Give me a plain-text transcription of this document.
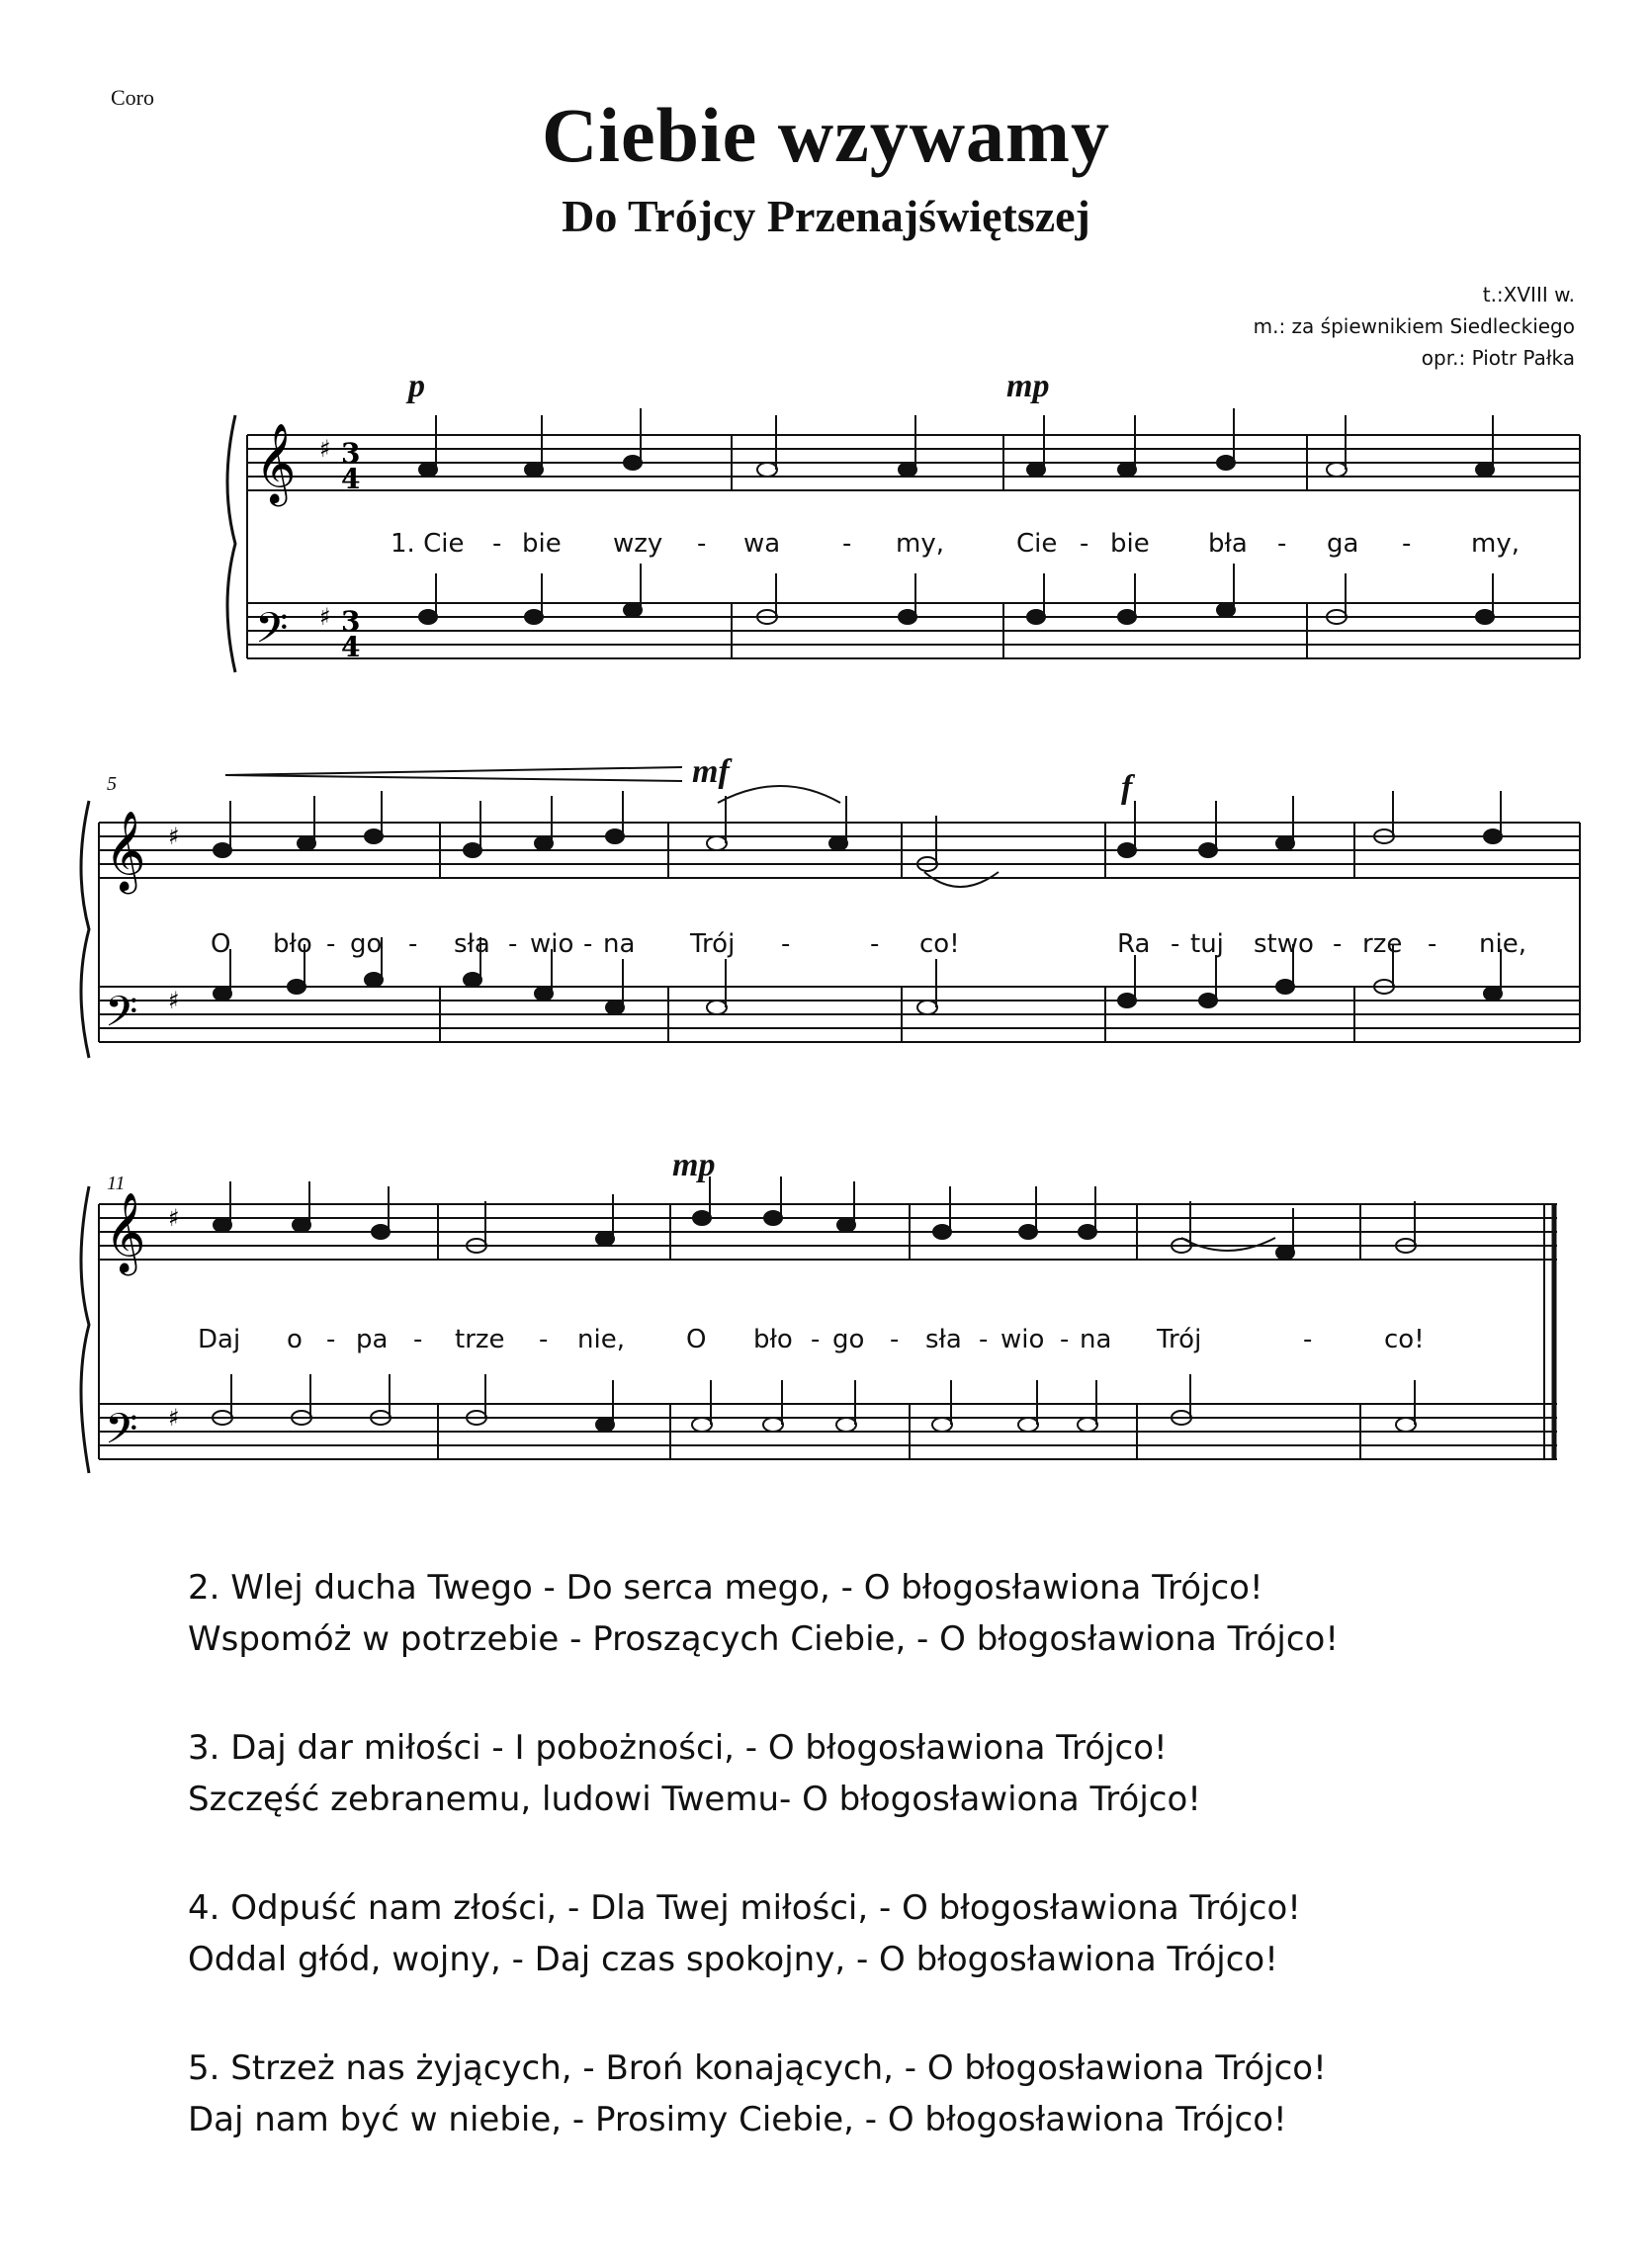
Coro	Ciebie wzywamy
Do Trójcy Przenajświętszej
t.:XVIII w.
m.: za śpiewnikiem Siedleckiego
opr.: Piotr Pałka
𝄞
𝄢
♯
♯
3
4
3
4
p	mp
1. Cie - bie wzy - wa - my,	Cie - bie bła - ga - my,
𝄞
𝄢
♯
♯
5	mf	f
O bło - go - sła - wio - na Trój -	- co!	Ra - tuj stwo - rze - nie,
𝄞
𝄢
♯
♯
11	mp
Daj o - pa - trze - nie, O bło - go - sła - wio - na Trój	-	co!
2. Wlej ducha Twego - Do serca mego, - O błogosławiona Trójco!
Wspomóż w potrzebie - Proszących Ciebie, - O błogosławiona Trójco!
3. Daj dar miłości - I pobożności, - O błogosławiona Trójco!
Szczęść zebranemu, ludowi Twemu- O błogosławiona Trójco!
4. Odpuść nam złości, - Dla Twej miłości, - O błogosławiona Trójco!
Oddal głód, wojny, - Daj czas spokojny, - O błogosławiona Trójco!
5. Strzeż nas żyjących, - Broń konających, - O błogosławiona Trójco!
Daj nam być w niebie, - Prosimy Ciebie, - O błogosławiona Trójco!
